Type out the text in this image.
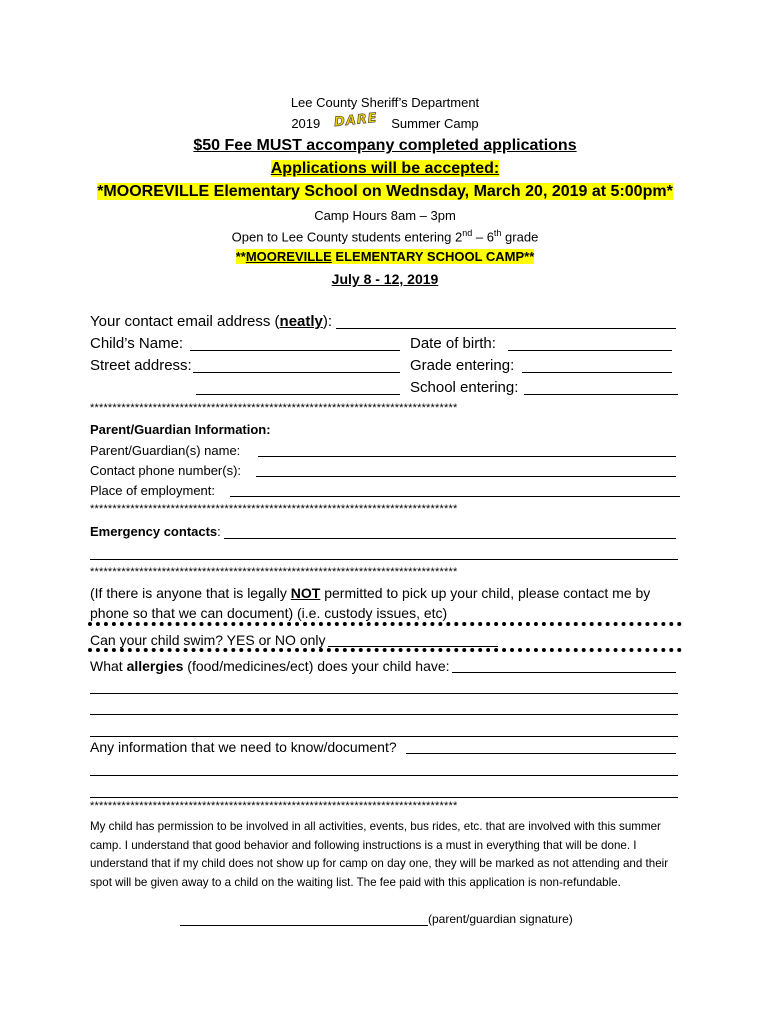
Lee County Sheriff’s Department
2019 DARE Summer Camp
$50 Fee MUST accompany completed applications
Applications will be accepted:
*MOOREVILLE Elementary School on Wednsday, March 20, 2019 at 5:00pm*
Camp Hours 8am – 3pm
Open to Lee County students entering 2nd – 6th grade
**MOOREVILLE ELEMENTARY SCHOOL CAMP**
July 8 - 12, 2019
Your contact email address (neatly):
Child’s Name:	Date of birth:
Street address:	Grade entering:
School entering:
**********************************************************************************
Parent/Guardian Information:
Parent/Guardian(s) name:
Contact phone number(s):
Place of employment:
**********************************************************************************
Emergency contacts:
**********************************************************************************
(If there is anyone that is legally NOT permitted to pick up your child, please contact me by
phone so that we can document) (i.e. custody issues, etc)
Can your child swim? YES or NO only
What allergies (food/medicines/ect) does your child have:
Any information that we need to know/document?
**********************************************************************************
My child has permission to be involved in all activities, events, bus rides, etc. that are involved with this summer camp. I understand that good behavior and following instructions is a must in everything that will be done. I understand that if my child does not show up for camp on day one, they will be marked as not attending and their spot will be given away to a child on the waiting list. The fee paid with this application is non-refundable.
(parent/guardian signature)
